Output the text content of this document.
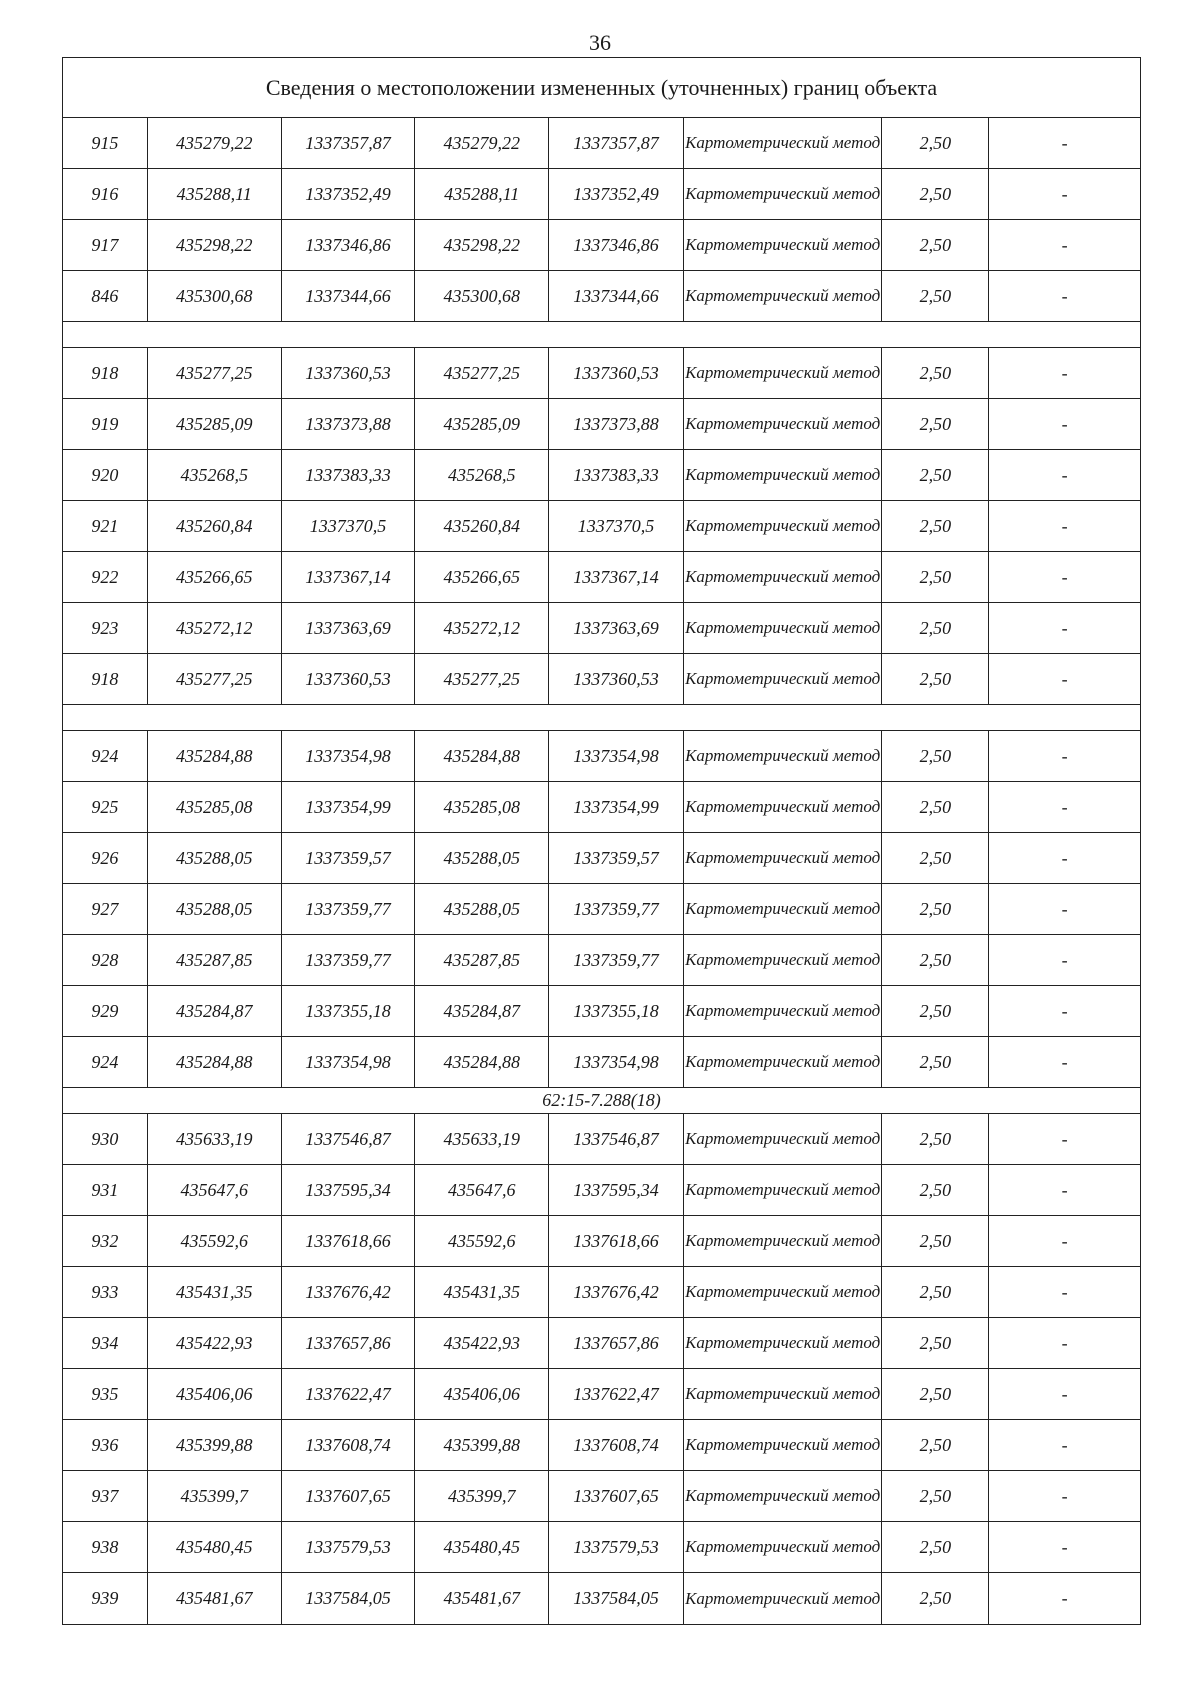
36
Сведения о местоположении измененных (уточненных) границ объекта
915	435279,22	1337357,87	435279,22	1337357,87	Картометрический метод	2,50	-
916	435288,11	1337352,49	435288,11	1337352,49	Картометрический метод	2,50	-
917	435298,22	1337346,86	435298,22	1337346,86	Картометрический метод	2,50	-
846	435300,68	1337344,66	435300,68	1337344,66	Картометрический метод	2,50	-
918	435277,25	1337360,53	435277,25	1337360,53	Картометрический метод	2,50	-
919	435285,09	1337373,88	435285,09	1337373,88	Картометрический метод	2,50	-
920	435268,5	1337383,33	435268,5	1337383,33	Картометрический метод	2,50	-
921	435260,84	1337370,5	435260,84	1337370,5	Картометрический метод	2,50	-
922	435266,65	1337367,14	435266,65	1337367,14	Картометрический метод	2,50	-
923	435272,12	1337363,69	435272,12	1337363,69	Картометрический метод	2,50	-
918	435277,25	1337360,53	435277,25	1337360,53	Картометрический метод	2,50	-
924	435284,88	1337354,98	435284,88	1337354,98	Картометрический метод	2,50	-
925	435285,08	1337354,99	435285,08	1337354,99	Картометрический метод	2,50	-
926	435288,05	1337359,57	435288,05	1337359,57	Картометрический метод	2,50	-
927	435288,05	1337359,77	435288,05	1337359,77	Картометрический метод	2,50	-
928	435287,85	1337359,77	435287,85	1337359,77	Картометрический метод	2,50	-
929	435284,87	1337355,18	435284,87	1337355,18	Картометрический метод	2,50	-
924	435284,88	1337354,98	435284,88	1337354,98	Картометрический метод	2,50	-
62:15-7.288(18)
930	435633,19	1337546,87	435633,19	1337546,87	Картометрический метод	2,50	-
931	435647,6	1337595,34	435647,6	1337595,34	Картометрический метод	2,50	-
932	435592,6	1337618,66	435592,6	1337618,66	Картометрический метод	2,50	-
933	435431,35	1337676,42	435431,35	1337676,42	Картометрический метод	2,50	-
934	435422,93	1337657,86	435422,93	1337657,86	Картометрический метод	2,50	-
935	435406,06	1337622,47	435406,06	1337622,47	Картометрический метод	2,50	-
936	435399,88	1337608,74	435399,88	1337608,74	Картометрический метод	2,50	-
937	435399,7	1337607,65	435399,7	1337607,65	Картометрический метод	2,50	-
938	435480,45	1337579,53	435480,45	1337579,53	Картометрический метод	2,50	-
939	435481,67	1337584,05	435481,67	1337584,05	Картометрический метод	2,50	-
